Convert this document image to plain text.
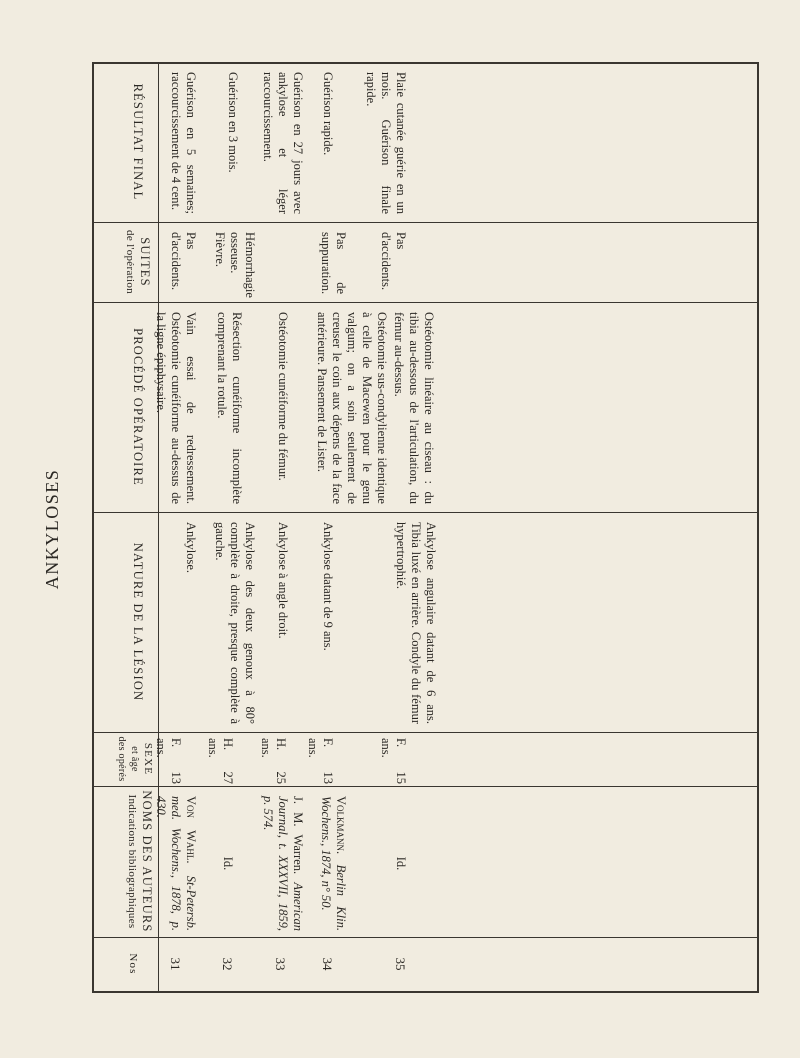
ANKYLOSES
RÉSULTAT FINAL
SUITES
de l'opération
PROCÉDÉ OPÉRATOIRE
NATURE DE LA LÉSION
SEXE
et âge
des opérés
NOMS DES AUTEURS
Indications bibliographiques
Nos
Guérison en 5 semaines; raccourcissement de 4 cent.
Pas d'accidents.
Vain essai de redressement. Ostéotomie cunéiforme au-dessus de la ligne épiphysaire.
Ankylose.
F. 13 ans.
Von Wahl. St-Petersb. med. Wochens., 1878, p. 430.
31
Guérison en 3 mois.
Hémorrhagie osseuse. Fièvre.
Résection cunéiforme incomplète comprenant la rotule.
Ankylose des deux genoux à 80° complète à droite, presque complète à gauche.
H. 27 ans.
Id.
32
Guérison en 27 jours avec ankylose et léger raccourcissement.
Ostéotomie cunéiforme du fémur.
Ankylose à angle droit.
H. 25 ans.
J. M. Warren. American Journal, t. XXXVII, 1859, p. 574.
33
Guérison rapide.
Pas de suppuration.
Ostéotomie sus-condylienne identique à celle de Macewen pour le genu valgum; on a soin seulement de creuser le coin aux dépens de la face antérieure. Pansement de Lister.
Ankylose datant de 9 ans.
F. 13 ans.
Volkmann. Berlin Klin. Wochens., 1874, n° 50.
34
Plaie cutanée guérie en un mois. Guérison finale rapide.
Pas d'accidents.
Ostéotomie linéaire au ciseau : du tibia au-dessous de l'articulation, du fémur au-dessus.
Ankylose angulaire datant de 6 ans. Tibia luxé en arrière. Condyle du fémur hypertrophié.
F. 15 ans.
Id.
35
